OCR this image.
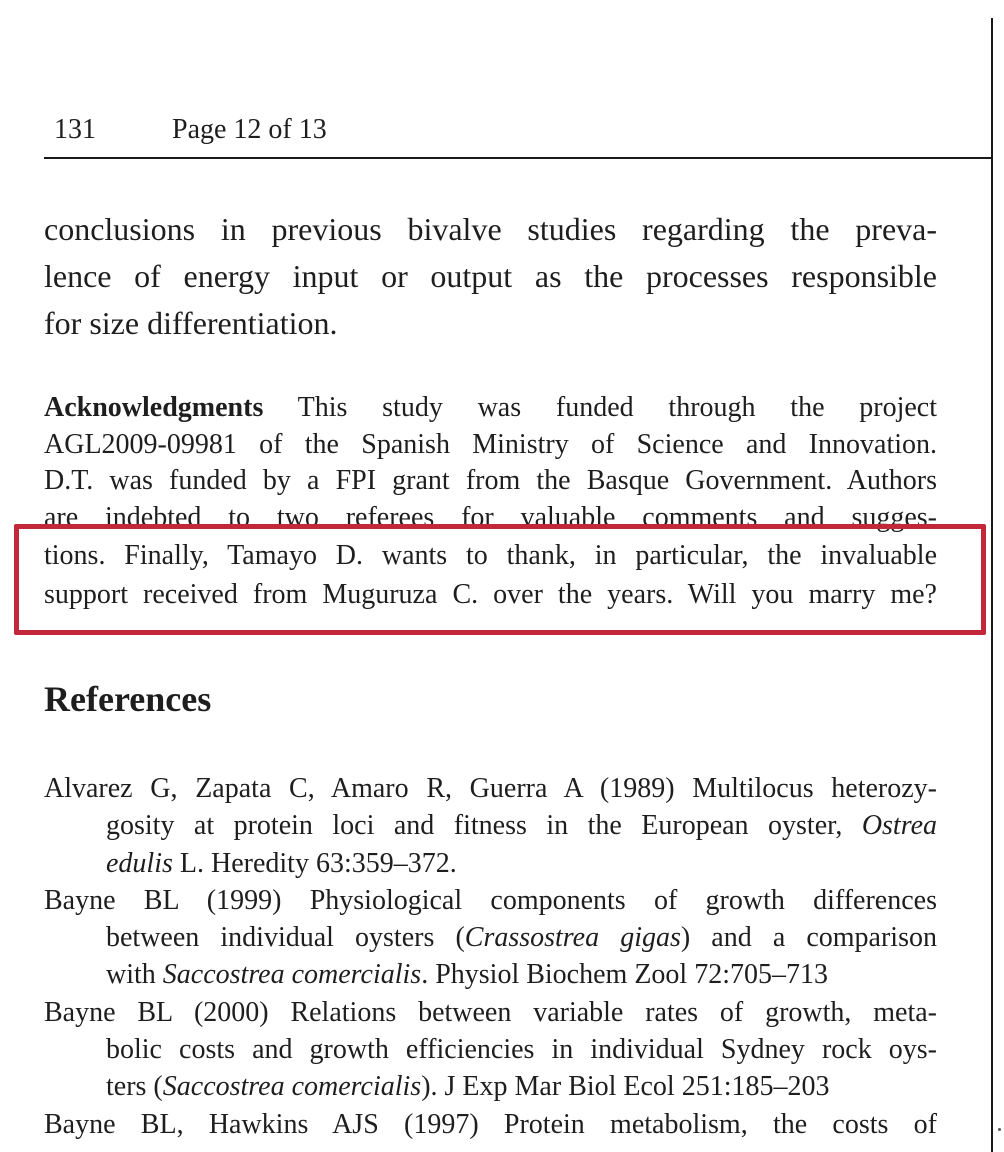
131	Page 12 of 13

conclusions in previous bivalve studies regarding the preva-
lence of energy input or output as the processes responsible
for size differentiation.

Acknowledgments This study was funded through the project
AGL2009-09981 of the Spanish Ministry of Science and Innovation.
D.T. was funded by a FPI grant from the Basque Government. Authors
are indebted to two referees for valuable comments and sugges-
tions. Finally, Tamayo D. wants to thank, in particular, the invaluable
support received from Muguruza C. over the years. Will you marry me?
References
Alvarez G, Zapata C, Amaro R, Guerra A (1989) Multilocus heterozy-
gosity at protein loci and fitness in the European oyster, Ostrea
edulis L. Heredity 63:359–372.
Bayne BL (1999) Physiological components of growth differences
between individual oysters (Crassostrea gigas) and a comparison
with Saccostrea comercialis. Physiol Biochem Zool 72:705–713
Bayne BL (2000) Relations between variable rates of growth, meta-
bolic costs and growth efficiencies in individual Sydney rock oys-
ters (Saccostrea comercialis). J Exp Mar Biol Ecol 251:185–203
Bayne BL, Hawkins AJS (1997) Protein metabolism, the costs of
